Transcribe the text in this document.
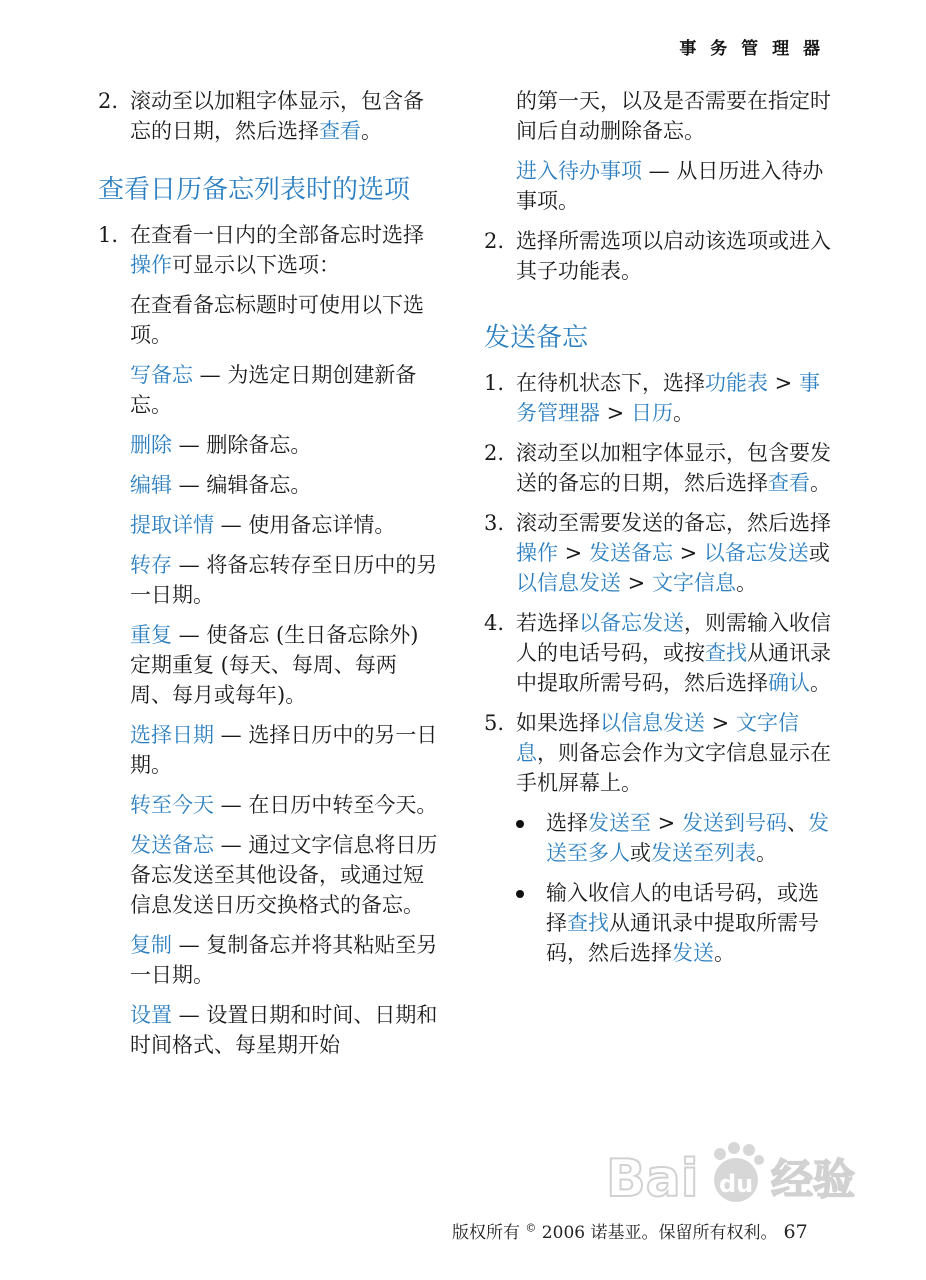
事 务 管 理 器

2. 滚动至以加粗字体显示，包含备忘的日期，然后选择查看。

查看日历备忘列表时的选项

1. 在查看一日内的全部备忘时选择操作可显示以下选项：

在查看备忘标题时可使用以下选项。

写备忘 — 为选定日期创建新备忘。

删除 — 删除备忘。

编辑 — 编辑备忘。

提取详情 — 使用备忘详情。

转存 — 将备忘转存至日历中的另一日期。

重复 — 使备忘 (生日备忘除外) 定期重复 (每天、每周、每两周、每月或每年)。

选择日期 — 选择日历中的另一日期。

转至今天 — 在日历中转至今天。

发送备忘 — 通过文字信息将日历备忘发送至其他设备，或通过短信息发送日历交换格式的备忘。

复制 — 复制备忘并将其粘贴至另一日期。

设置 — 设置日期和时间、日期和时间格式、每星期开始

的第一天，以及是否需要在指定时间后自动删除备忘。

进入待办事项 — 从日历进入待办事项。

2. 选择所需选项以启动该选项或进入其子功能表。

发送备忘

1. 在待机状态下，选择功能表 > 事务管理器 > 日历。

2. 滚动至以加粗字体显示，包含要发送的备忘的日期，然后选择查看。

3. 滚动至需要发送的备忘，然后选择操作 > 发送备忘 > 以备忘发送或以信息发送 > 文字信息。

4. 若选择以备忘发送，则需输入收信人的电话号码，或按查找从通讯录中提取所需号码，然后选择确认。

5. 如果选择以信息发送 > 文字信息，则备忘会作为文字信息显示在手机屏幕上。

选择发送至 > 发送到号码、发送至多人或发送至列表。

输入收信人的电话号码，或选择查找从通讯录中提取所需号码，然后选择发送。

Bai du 经验
版权所有 © 2006 诺基亚。保留所有权利。 67
